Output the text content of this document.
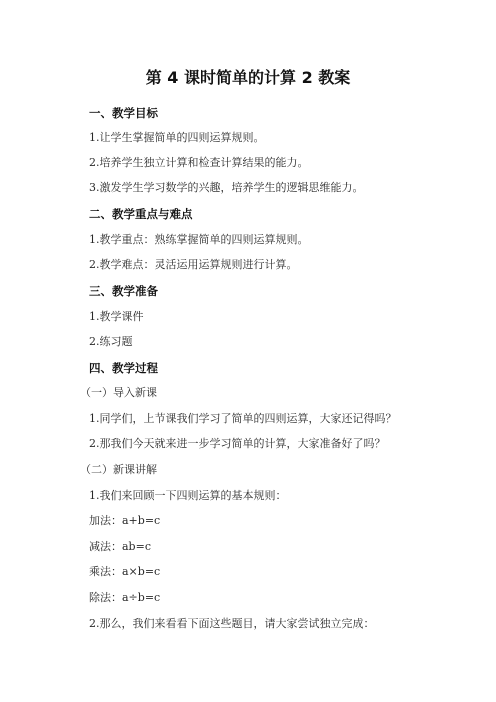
第 4 课时简单的计算 2 教案
一、教学目标
1.让学生掌握简单的四则运算规则。
2.培养学生独立计算和检查计算结果的能力。
3.激发学生学习数学的兴趣，培养学生的逻辑思维能力。
二、教学重点与难点
1.教学重点：熟练掌握简单的四则运算规则。
2.教学难点：灵活运用运算规则进行计算。
三、教学准备
1.教学课件
2.练习题
四、教学过程
（一）导入新课
1.同学们，上节课我们学习了简单的四则运算，大家还记得吗？
2.那我们今天就来进一步学习简单的计算，大家准备好了吗？
（二）新课讲解
1.我们来回顾一下四则运算的基本规则：
加法：a+b=c
减法：ab=c
乘法：a×b=c
除法：a÷b=c
2.那么，我们来看看下面这些题目，请大家尝试独立完成：
